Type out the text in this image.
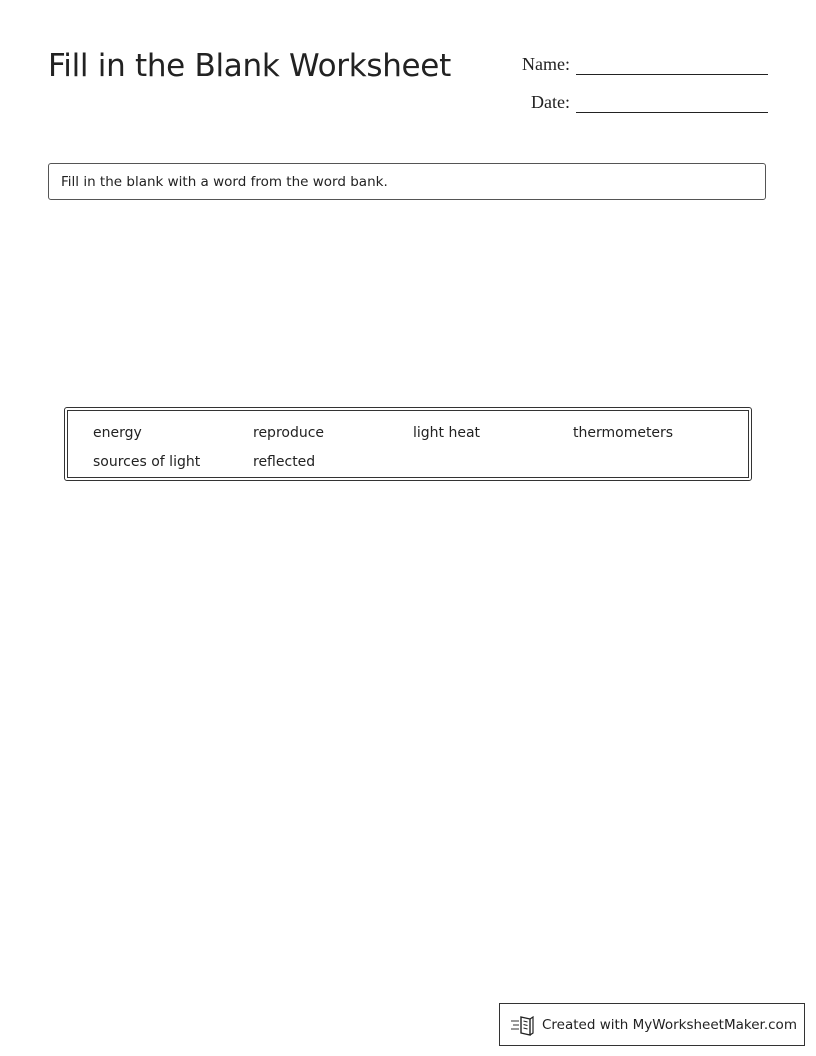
Fill in the Blank Worksheet	Name:
Date:
Fill in the blank with a word from the word bank.
energy	reproduce	light heat	thermometers
sources of light	reflected
Created with MyWorksheetMaker.com
